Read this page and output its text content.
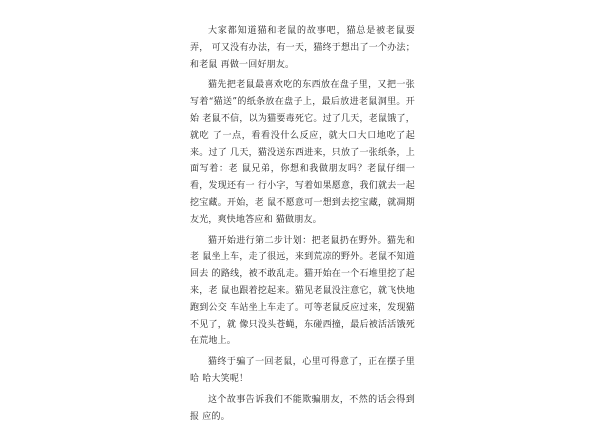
大家都知道猫和老鼠的故事吧，猫总是被老鼠耍弄， 可又没有办法，有一天，猫终于想出了一个办法；和老鼠 再做一回好朋友。

猫先把老鼠最喜欢吃的东西放在盘子里，又把一张写着“猫送”的纸条放在盘子上，最后放进老鼠洞里。开始 老鼠不信，以为猫要毒死它。过了几天，老鼠饿了，就吃 了一点，看看没什么反应，就大口大口地吃了起来。过了 几天，猫没送东西进来，只放了一张纸条，上面写着：老 鼠兄弟，你想和我做朋友吗？老鼠仔细一看，发现还有一 行小字，写着如果愿意，我们就去一起挖宝藏。开始，老 鼠不愿意可一想到去挖宝藏，就凋期友光，爽快地答应和 猫做朋友。

猫开始进行第二步计划：把老鼠扔在野外。猫先和老 鼠坐上车，走了很远，来到荒凉的野外。老鼠不知道回去 的路线，被不敢乱走。猫开始在一个石堆里挖了起来，老 鼠也跟着挖起来。猫见老鼠没注意它，就飞快地跑到公交 车站坐上车走了。可等老鼠反应过来，发现猫不见了，就 像只没头苍蝇，东碰西撞，最后被活活饿死在荒地上。

猫终于骗了一回老鼠，心里可得意了，正在摆子里哈 哈大笑呢！

这个故事告诉我们不能欺骗朋友，不然的话会得到报 应的。
